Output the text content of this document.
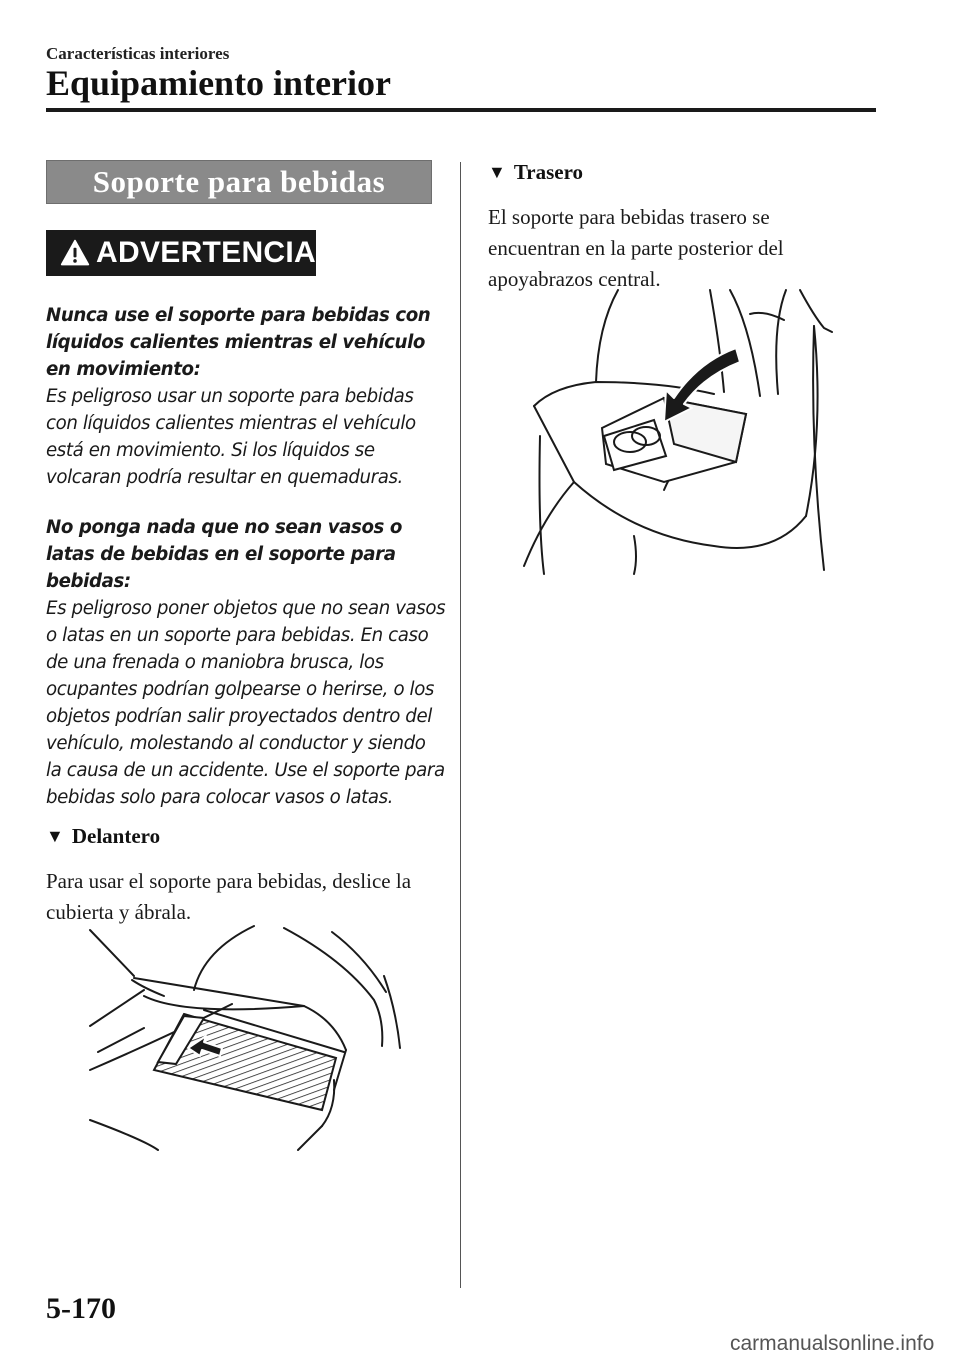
Características interiores
Equipamiento interior
Soporte para bebidas
ADVERTENCIA
Nunca use el soporte para bebidas con líquidos calientes mientras el vehículo en movimiento:
Es peligroso usar un soporte para bebidas con líquidos calientes mientras el vehículo está en movimiento. Si los líquidos se volcaran podría resultar en quemaduras.
No ponga nada que no sean vasos o latas de bebidas en el soporte para bebidas:
Es peligroso poner objetos que no sean vasos o latas en un soporte para bebidas. En caso de una frenada o maniobra brusca, los ocupantes podrían golpearse o herirse, o los objetos podrían salir proyectados dentro del vehículo, molestando al conductor y siendo la causa de un accidente. Use el soporte para bebidas solo para colocar vasos o latas.
▼ Delantero
Para usar el soporte para bebidas, deslice la cubierta y ábrala.
▼ Trasero
El soporte para bebidas trasero se encuentran en la parte posterior del apoyabrazos central.
5-170
carmanualsonline.info
